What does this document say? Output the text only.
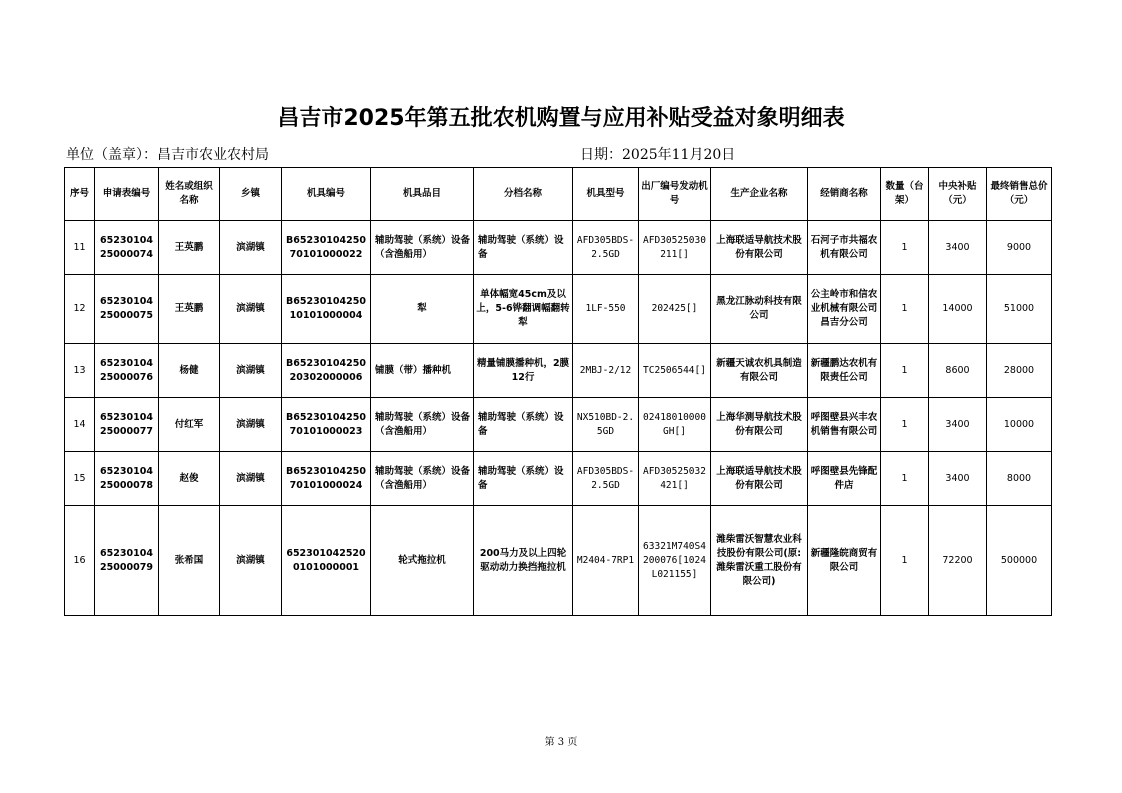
昌吉市2025年第五批农机购置与应用补贴受益对象明细表
单位（盖章）：昌吉市农业农村局	日期：2025年11月20日
序号	申请表编号	姓名或组织名称	乡镇	机具编号	机具品目	分档名称	机具型号	出厂编号发动机号	生产企业名称	经销商名称	数量（台架）	中央补贴（元）	最终销售总价（元）
11	6523010425000074	王英鹏	滨湖镇	B6523010425070101000022	辅助驾驶（系统）设备（含渔船用）	辅助驾驶（系统）设备	AFD305BDS-2.5GD	AFD30525030211[]	上海联适导航技术股份有限公司	石河子市共福农机有限公司	1	3400	9000
12	6523010425000075	王英鹏	滨湖镇	B6523010425010101000004	犁	单体幅宽45cm及以上，5-6铧翻调幅翻转犁	1LF-550	202425[]	黑龙江脉动科技有限公司	公主岭市和信农业机械有限公司昌吉分公司	1	14000	51000
13	6523010425000076	杨健	滨湖镇	B6523010425020302000006	铺膜（带）播种机	精量铺膜播种机，2膜12行	2MBJ-2/12	TC2506544[]	新疆天诚农机具制造有限公司	新疆鹏达农机有限责任公司	1	8600	28000
14	6523010425000077	付红军	滨湖镇	B6523010425070101000023	辅助驾驶（系统）设备（含渔船用）	辅助驾驶（系统）设备	NX510BD-2.5GD	02418010000GH[]	上海华测导航技术股份有限公司	呼图壁县兴丰农机销售有限公司	1	3400	10000
15	6523010425000078	赵俊	滨湖镇	B6523010425070101000024	辅助驾驶（系统）设备（含渔船用）	辅助驾驶（系统）设备	AFD305BDS-2.5GD	AFD30525032421[]	上海联适导航技术股份有限公司	呼图壁县先锋配件店	1	3400	8000
16	6523010425000079	张希国	滨湖镇	6523010425200101000001	轮式拖拉机	200马力及以上四轮驱动动力换挡拖拉机	M2404-7RP1	63321M740S4200076[1024L021155]	潍柴雷沃智慧农业科技股份有限公司(原:潍柴雷沃重工股份有限公司)	新疆隆皖商贸有限公司	1	72200	500000
第 3 页
